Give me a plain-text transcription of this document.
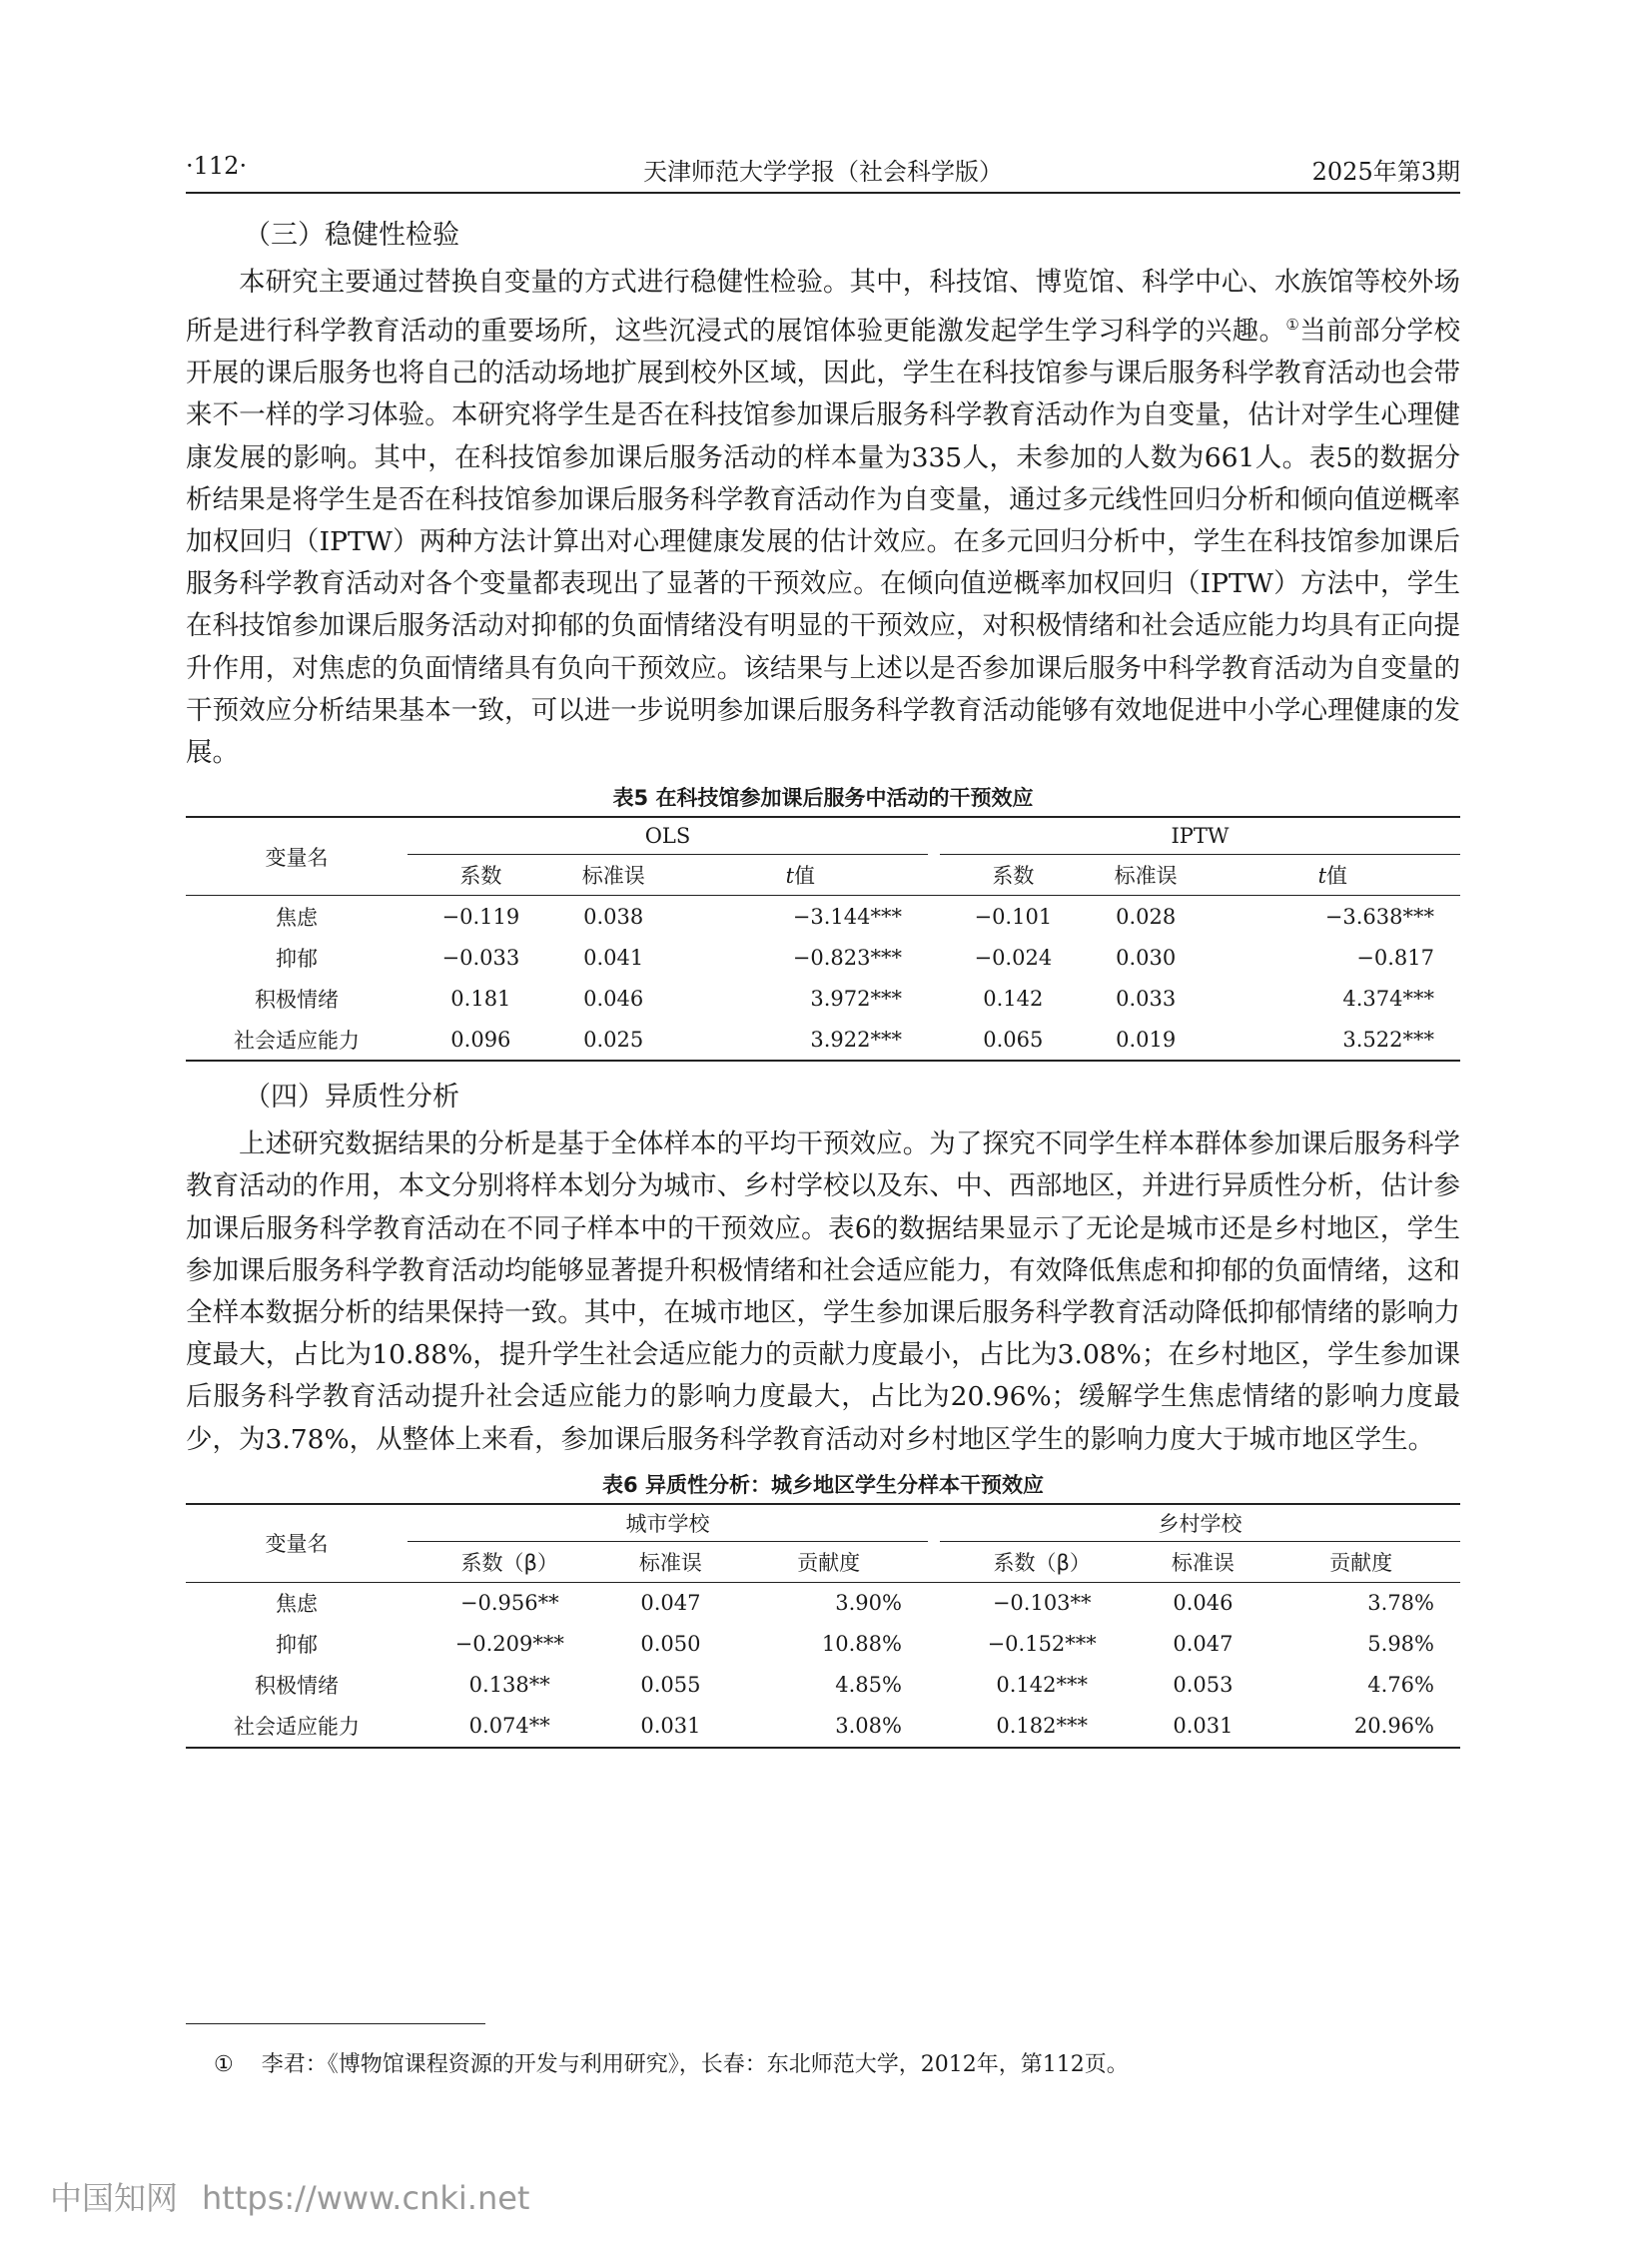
·112·	天津师范大学学报（社会科学版）	2025年第3期
（三）稳健性检验

本研究主要通过替换自变量的方式进行稳健性检验。其中，科技馆、博览馆、科学中心、水族馆等校外场所是进行科学教育活动的重要场所，这些沉浸式的展馆体验更能激发起学生学习科学的兴趣。①当前部分学校开展的课后服务也将自己的活动场地扩展到校外区域，因此，学生在科技馆参与课后服务科学教育活动也会带来不一样的学习体验。本研究将学生是否在科技馆参加课后服务科学教育活动作为自变量，估计对学生心理健康发展的影响。其中，在科技馆参加课后服务活动的样本量为335人，未参加的人数为661人。表5的数据分析结果是将学生是否在科技馆参加课后服务科学教育活动作为自变量，通过多元线性回归分析和倾向值逆概率加权回归（IPTW）两种方法计算出对心理健康发展的估计效应。在多元回归分析中，学生在科技馆参加课后服务科学教育活动对各个变量都表现出了显著的干预效应。在倾向值逆概率加权回归（IPTW）方法中，学生在科技馆参加课后服务活动对抑郁的负面情绪没有明显的干预效应，对积极情绪和社会适应能力均具有正向提升作用，对焦虑的负面情绪具有负向干预效应。该结果与上述以是否参加课后服务中科学教育活动为自变量的干预效应分析结果基本一致，可以进一步说明参加课后服务科学教育活动能够有效地促进中小学心理健康的发展。

表5 在科技馆参加课后服务中活动的干预效应
变量名	OLS				IPTW		
	系数	标准误	t值		系数	标准误	t值
焦虑	−0.119	0.038	−3.144***		−0.101	0.028	−3.638***
抑郁	−0.033	0.041	−0.823***		−0.024	0.030	−0.817
积极情绪	0.181	0.046	3.972***		0.142	0.033	4.374***
社会适应能力	0.096	0.025	3.922***		0.065	0.019	3.522***
（四）异质性分析

上述研究数据结果的分析是基于全体样本的平均干预效应。为了探究不同学生样本群体参加课后服务科学教育活动的作用，本文分别将样本划分为城市、乡村学校以及东、中、西部地区，并进行异质性分析，估计参加课后服务科学教育活动在不同子样本中的干预效应。表6的数据结果显示了无论是城市还是乡村地区，学生参加课后服务科学教育活动均能够显著提升积极情绪和社会适应能力，有效降低焦虑和抑郁的负面情绪，这和全样本数据分析的结果保持一致。其中，在城市地区，学生参加课后服务科学教育活动降低抑郁情绪的影响力度最大，占比为10.88%，提升学生社会适应能力的贡献力度最小，占比为3.08%；在乡村地区，学生参加课后服务科学教育活动提升社会适应能力的影响力度最大，占比为20.96%；缓解学生焦虑情绪的影响力度最少，为3.78%，从整体上来看，参加课后服务科学教育活动对乡村地区学生的影响力度大于城市地区学生。

表6 异质性分析：城乡地区学生分样本干预效应
变量名	城市学校				乡村学校		
	系数（β）	标准误	贡献度		系数（β）	标准误	贡献度
焦虑	−0.956**	0.047	3.90%		−0.103**	0.046	3.78%
抑郁	−0.209***	0.050	10.88%		−0.152***	0.047	5.98%
积极情绪	0.138**	0.055	4.85%		0.142***	0.053	4.76%
社会适应能力	0.074**	0.031	3.08%		0.182***	0.031	20.96%
① 李君：《博物馆课程资源的开发与利用研究》，长春：东北师范大学，2012年，第112页。
中国知网 https://www.cnki.net
